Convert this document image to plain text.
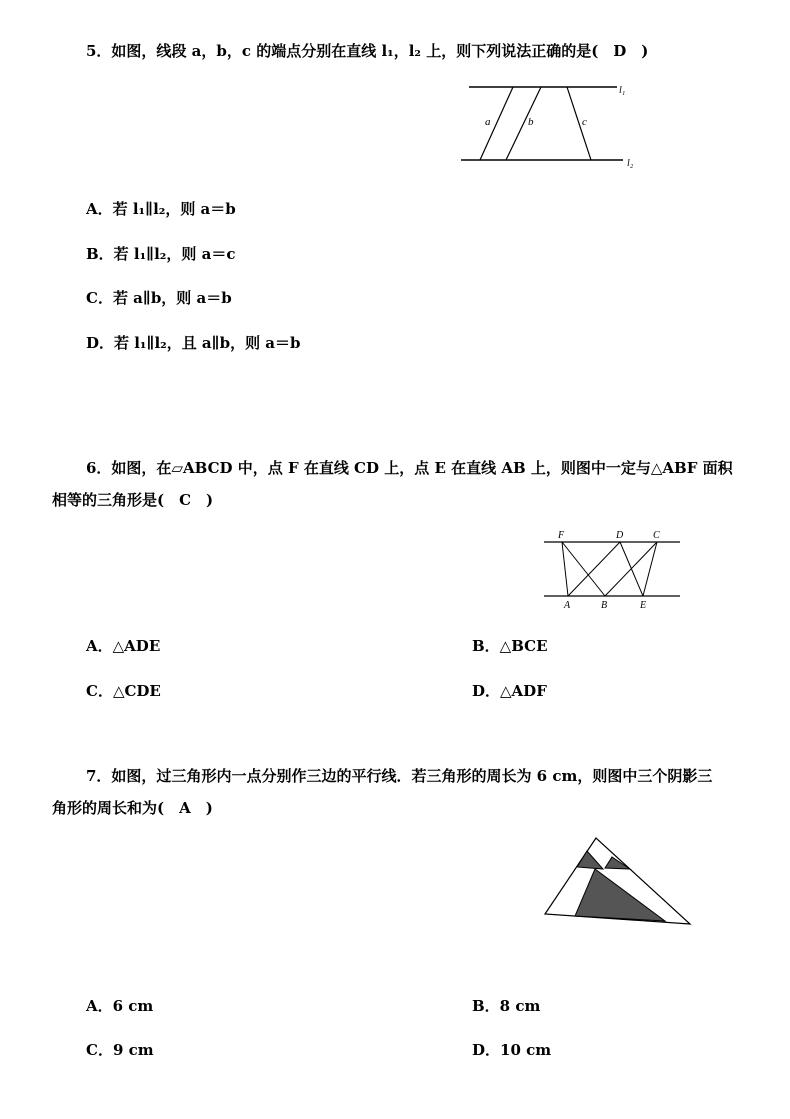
5．如图，线段 a，b，c 的端点分别在直线 l₁，l₂ 上，则下列说法正确的是(　D　)
a	b	c
l₁
l₂
A．若 l₁∥l₂，则 a＝b
B．若 l₁∥l₂，则 a＝c
C．若 a∥b，则 a＝b
D．若 l₁∥l₂，且 a∥b，则 a＝b
6．如图，在▱ABCD 中，点 F 在直线 CD 上，点 E 在直线 AB 上，则图中一定与△ABF 面积
相等的三角形是(　C　)
F	D	C
A	B	E
A．△ADE	B．△BCE
C．△CDE	D．△ADF
7．如图，过三角形内一点分别作三边的平行线．若三角形的周长为 6 cm，则图中三个阴影三
角形的周长和为(　A　)
A．6 cm	B．8 cm
C．9 cm	D．10 cm
